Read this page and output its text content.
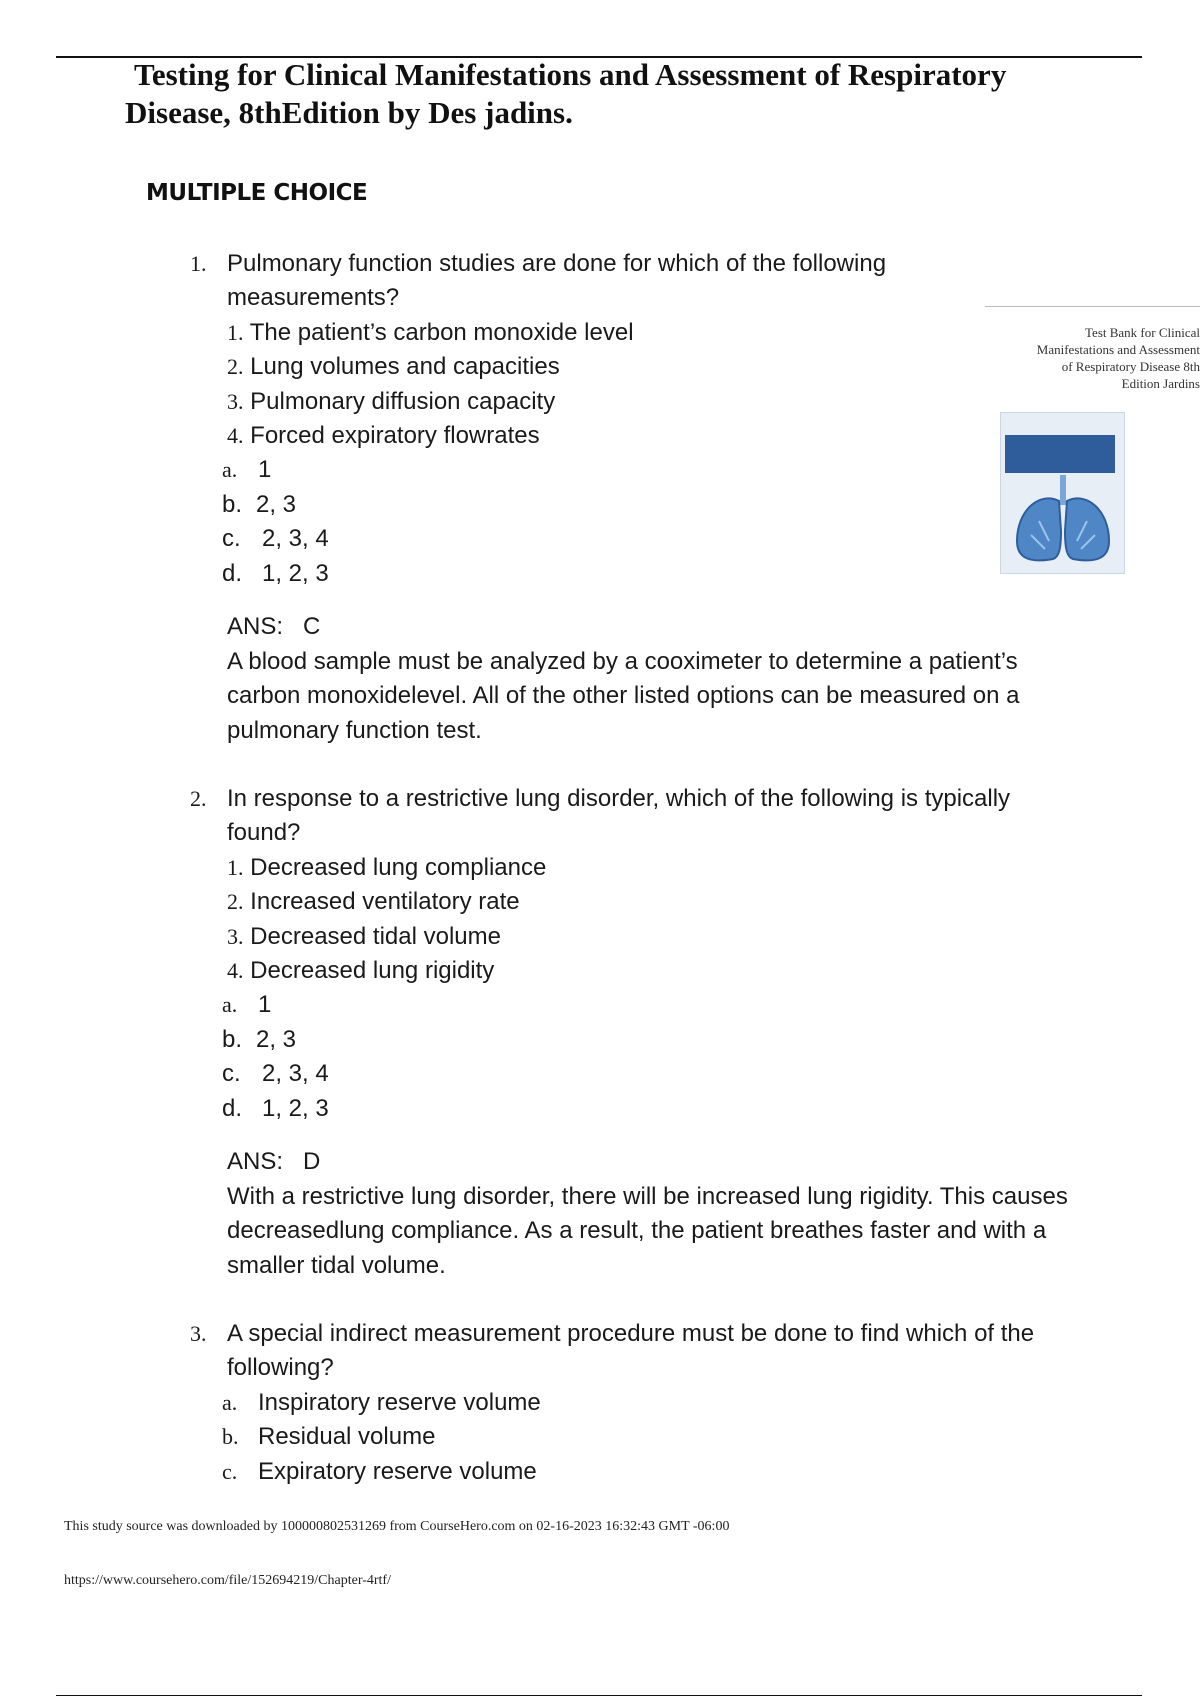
Testing for Clinical Manifestations and Assessment of Respiratory
Disease, 8thEdition by Des jadins.
MULTIPLE CHOICE
1. Pulmonary function studies are done for which of the following
measurements?
1. The patient’s carbon monoxide level
2. Lung volumes and capacities
3. Pulmonary diffusion capacity
4. Forced expiratory flowrates
a. 1
b. 2, 3
c. 2, 3, 4
d. 1, 2, 3
ANS: C
A blood sample must be analyzed by a cooximeter to determine a patient’s
carbon monoxidelevel. All of the other listed options can be measured on a
pulmonary function test.
2. In response to a restrictive lung disorder, which of the following is typically
found?
1. Decreased lung compliance
2. Increased ventilatory rate
3. Decreased tidal volume
4. Decreased lung rigidity
a. 1
b. 2, 3
c. 2, 3, 4
d. 1, 2, 3
ANS: D
With a restrictive lung disorder, there will be increased lung rigidity. This causes
decreasedlung compliance. As a result, the patient breathes faster and with a
smaller tidal volume.
3. A special indirect measurement procedure must be done to find which of the
following?
a. Inspiratory reserve volume
b. Residual volume
c. Expiratory reserve volume
Test Bank for Clinical
Manifestations and Assessment
of Respiratory Disease 8th
Edition Jardins
This study source was downloaded by 100000802531269 from CourseHero.com on 02-16-2023 16:32:43 GMT -06:00
https://www.coursehero.com/file/152694219/Chapter-4rtf/
